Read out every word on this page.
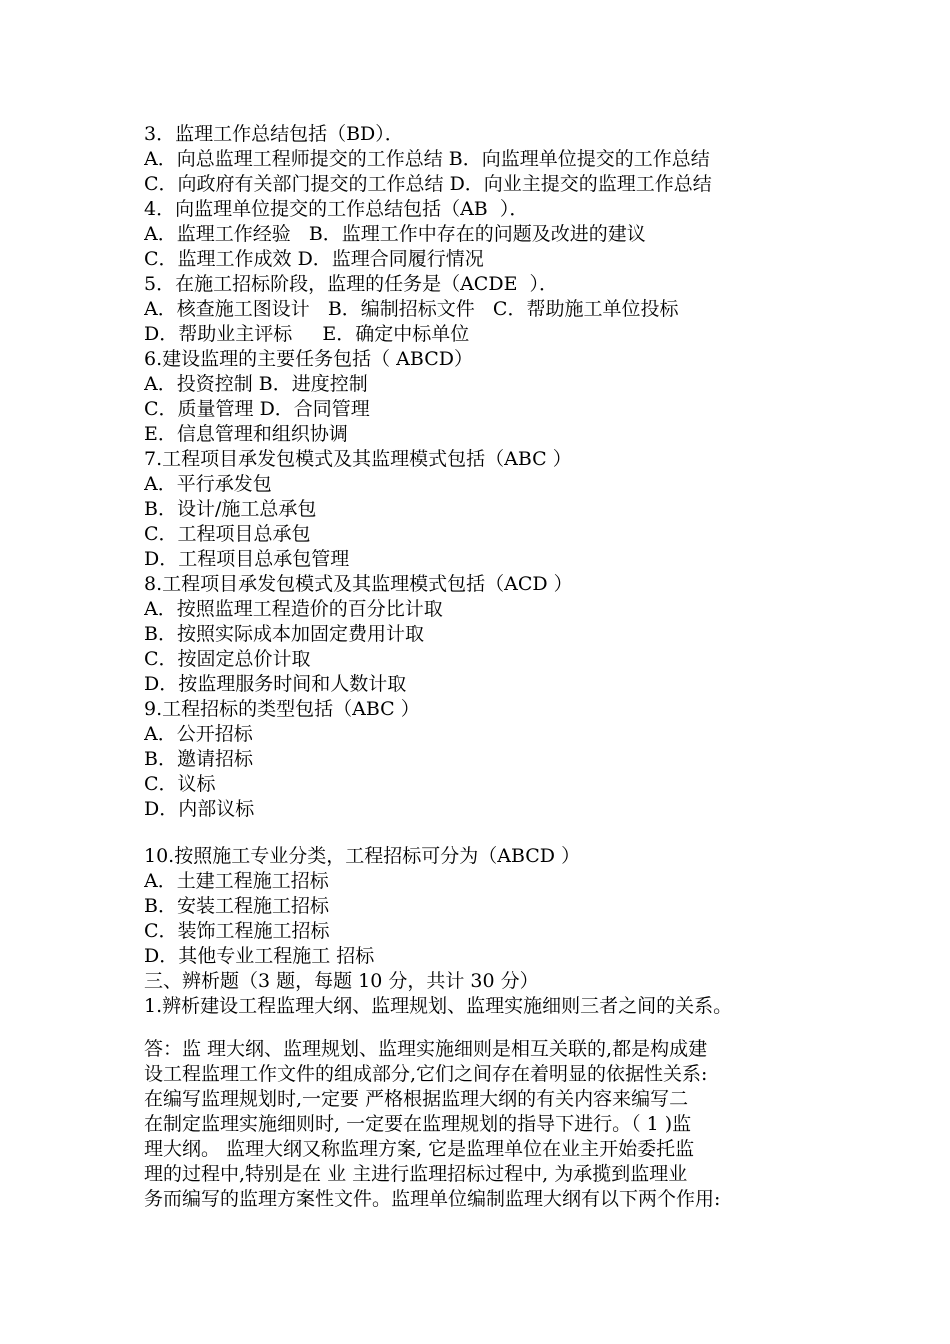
3．监理工作总结包括（BD）．
A．向总监理工程师提交的工作总结 B．向监理单位提交的工作总结
C．向政府有关部门提交的工作总结 D．向业主提交的监理工作总结
4．向监理单位提交的工作总结包括（AB  ）．
A．监理工作经验   B．监理工作中存在的问题及改进的建议
C．监理工作成效 D．监理合同履行情况
5．在施工招标阶段，监理的任务是（ACDE  ）．
A．核查施工图设计   B．编制招标文件   C．帮助施工单位投标
D．帮助业主评标     E．确定中标单位
6.建设监理的主要任务包括（ ABCD）
A．投资控制 B．进度控制
C．质量管理 D．合同管理
E．信息管理和组织协调
7.工程项目承发包模式及其监理模式包括（ABC ）
A．平行承发包
B．设计/施工总承包
C．工程项目总承包
D．工程项目总承包管理
8.工程项目承发包模式及其监理模式包括（ACD ）
A．按照监理工程造价的百分比计取
B．按照实际成本加固定费用计取
C．按固定总价计取
D．按监理服务时间和人数计取
9.工程招标的类型包括（ABC ）
A．公开招标
B．邀请招标
C．议标
D．内部议标
10.按照施工专业分类，工程招标可分为（ABCD ）
A．土建工程施工招标
B．安装工程施工招标
C．装饰工程施工招标
D．其他专业工程施工 招标
三、辨析题（3 题，每题 10 分，共计 30 分）
1.辨析建设工程监理大纲、监理规划、监理实施细则三者之间的关系。
答：监 理大纲、监理规划、监理实施细则是相互关联的,都是构成建
设工程监理工作文件的组成部分,它们之间存在着明显的依据性关系:
在编写监理规划时,一定要 严格根据监理大纲的有关内容来编写二
在制定监理实施细则时, 一定要在监理规划的指导下进行。（ 1 )监
理大纲。 监理大纲又称监理方案, 它是监理单位在业主开始委托监
理的过程中,特别是在 业 主进行监理招标过程中, 为承揽到监理业
务而编写的监理方案性文件。监理单位编制监理大纲有以下两个作用:
